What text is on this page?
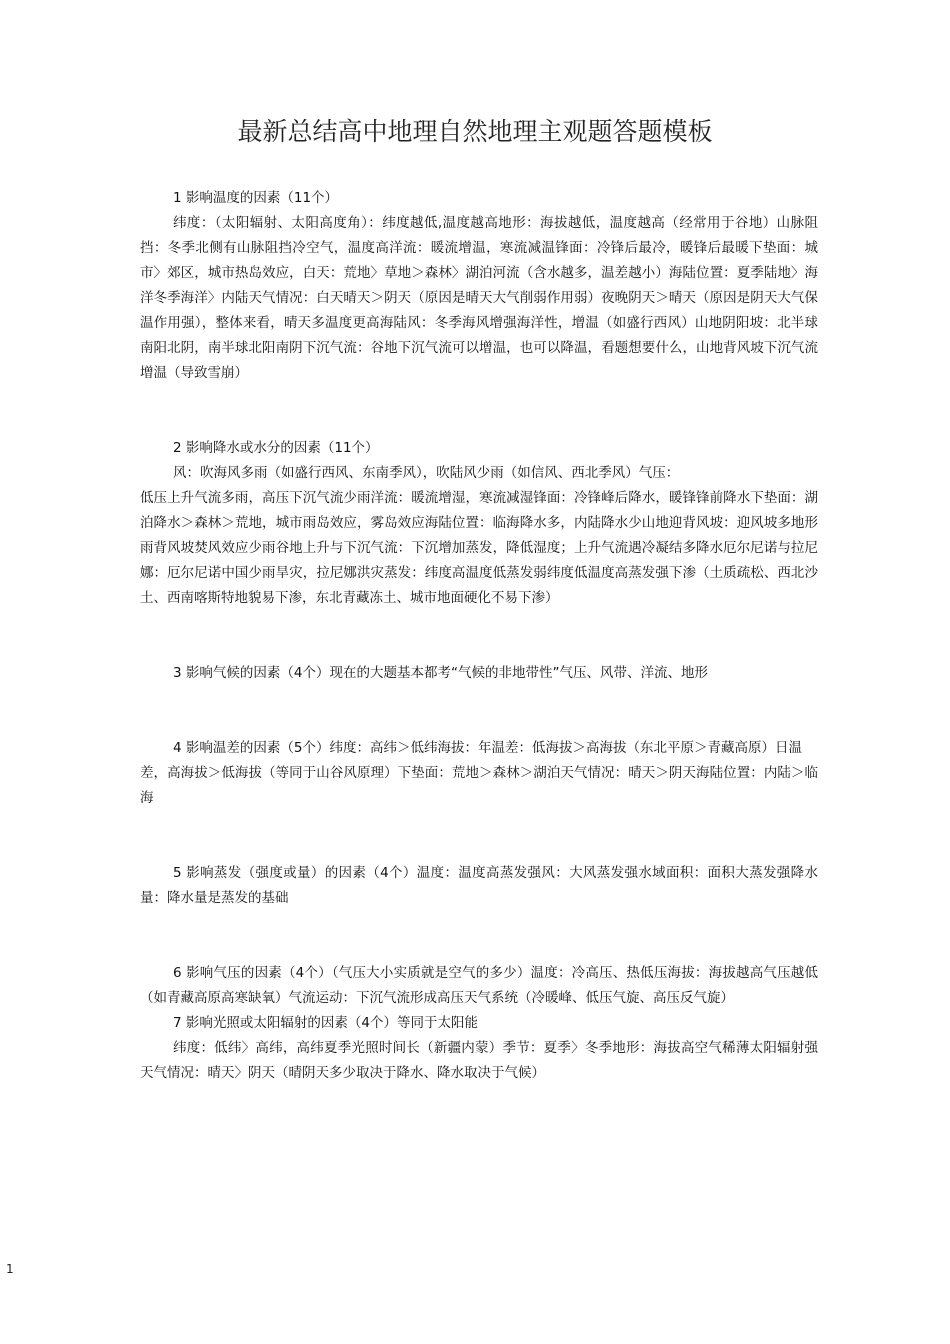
最新总结高中地理自然地理主观题答题模板
1 影响温度的因素（11个）
纬度：（太阳辐射、太阳高度角）：纬度越低,温度越高地形：海拔越低，温度越高（经常用于谷地）山脉阻挡：冬季北侧有山脉阻挡冷空气，温度高洋流：暖流增温，寒流减温锋面：冷锋后最冷，暖锋后最暖下垫面：城市〉郊区，城市热岛效应，白天：荒地〉草地＞森林〉湖泊河流（含水越多，温差越小）海陆位置：夏季陆地〉海洋冬季海洋〉内陆天气情况：白天晴天＞阴天（原因是晴天大气削弱作用弱）夜晚阴天＞晴天（原因是阴天大气保温作用强），整体来看，晴天多温度更高海陆风：冬季海风增强海洋性，增温（如盛行西风）山地阴阳坡：北半球南阳北阴，南半球北阳南阴下沉气流：谷地下沉气流可以增温，也可以降温，看题想要什么，山地背风坡下沉气流增温（导致雪崩）
2 影响降水或水分的因素（11个）
风：吹海风多雨（如盛行西风、东南季风），吹陆风少雨（如信风、西北季风）气压：
低压上升气流多雨，高压下沉气流少雨洋流：暖流增湿，寒流减湿锋面：冷锋峰后降水，暖锋锋前降水下垫面：湖泊降水＞森林＞荒地，城市雨岛效应，雾岛效应海陆位置：临海降水多，内陆降水少山地迎背风坡：迎风坡多地形雨背风坡焚风效应少雨谷地上升与下沉气流：下沉增加蒸发，降低湿度；上升气流遇冷凝结多降水厄尔尼诺与拉尼娜：厄尔尼诺中国少雨旱灾，拉尼娜洪灾蒸发：纬度高温度低蒸发弱纬度低温度高蒸发强下渗（土质疏松、西北沙土、西南喀斯特地貌易下渗，东北青藏冻土、城市地面硬化不易下渗）
3 影响气候的因素（4个）现在的大题基本都考“气候的非地带性”气压、风带、洋流、地形
4 影响温差的因素（5个）纬度：高纬＞低纬海拔：年温差：低海拔＞高海拔（东北平原＞青藏高原）日温
差，高海拔＞低海拔（等同于山谷风原理）下垫面：荒地＞森林＞湖泊天气情况：晴天＞阴天海陆位置：内陆＞临海
5 影响蒸发（强度或量）的因素（4个）温度：温度高蒸发强风：大风蒸发强水域面积：面积大蒸发强降水量：降水量是蒸发的基础
6 影响气压的因素（4个）（气压大小实质就是空气的多少）温度：冷高压、热低压海拔：海拔越高气压越低（如青藏高原高寒缺氧）气流运动：下沉气流形成高压天气系统（冷暖峰、低压气旋、高压反气旋）
7 影响光照或太阳辐射的因素（4个）等同于太阳能
纬度：低纬〉高纬，高纬夏季光照时间长（新疆内蒙）季节：夏季〉冬季地形：海拔高空气稀薄太阳辐射强天气情况：晴天〉阴天（晴阴天多少取决于降水、降水取决于气候）
1
